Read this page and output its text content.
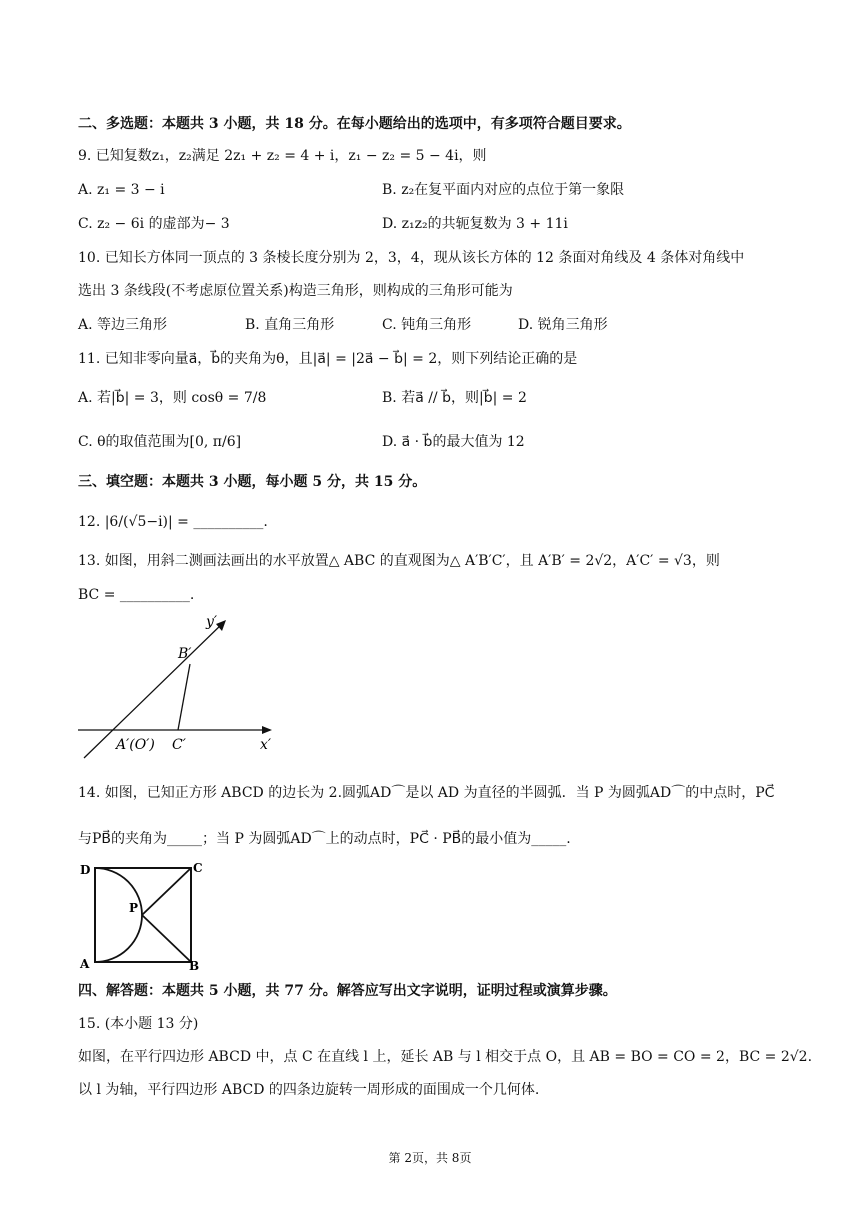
二、多选题：本题共 3 小题，共 18 分。在每小题给出的选项中，有多项符合题目要求。
9. 已知复数z₁，z₂满足 2z₁ + z₂ = 4 + i，z₁ − z₂ = 5 − 4i，则
A. z₁ = 3 − i	B. z₂在复平面内对应的点位于第一象限
C. z₂ − 6i 的虚部为− 3	D. z₁z₂的共轭复数为 3 + 11i
10. 已知长方体同一顶点的 3 条棱长度分别为 2，3，4，现从该长方体的 12 条面对角线及 4 条体对角线中
选出 3 条线段(不考虑原位置关系)构造三角形，则构成的三角形可能为
A. 等边三角形	B. 直角三角形	C. 钝角三角形	D. 锐角三角形
11. 已知非零向量a⃗，b⃗的夹角为θ，且|a⃗| = |2a⃗ − b⃗| = 2，则下列结论正确的是
A. 若|b⃗| = 3，则 cosθ = 7/8	B. 若a⃗ // b⃗，则|b⃗| = 2
C. θ的取值范围为[0, π/6]	D. a⃗ · b⃗的最大值为 12
三、填空题：本题共 3 小题，每小题 5 分，共 15 分。
12. |6/(√5−i)| = __________.
13. 如图，用斜二测画法画出的水平放置△ ABC 的直观图为△ A′B′C′，且 A′B′ = 2√2，A′C′ = √3，则
BC = __________.
y′
x′
B′
A′(O′) C′
14. 如图，已知正方形 ABCD 的边长为 2.圆弧AD⌒是以 AD 为直径的半圆弧．当 P 为圆弧AD⌒的中点时，PC⃗
与PB⃗的夹角为_____；当 P 为圆弧AD⌒上的动点时，PC⃗ · PB⃗的最小值为_____.
D	C
P
A	B
四、解答题：本题共 5 小题，共 77 分。解答应写出文字说明，证明过程或演算步骤。
15. (本小题 13 分)
如图，在平行四边形 ABCD 中，点 C 在直线 l 上，延长 AB 与 l 相交于点 O，且 AB = BO = CO = 2，BC = 2√2.
以 l 为轴，平行四边形 ABCD 的四条边旋转一周形成的面围成一个几何体.
第 2页，共 8页
